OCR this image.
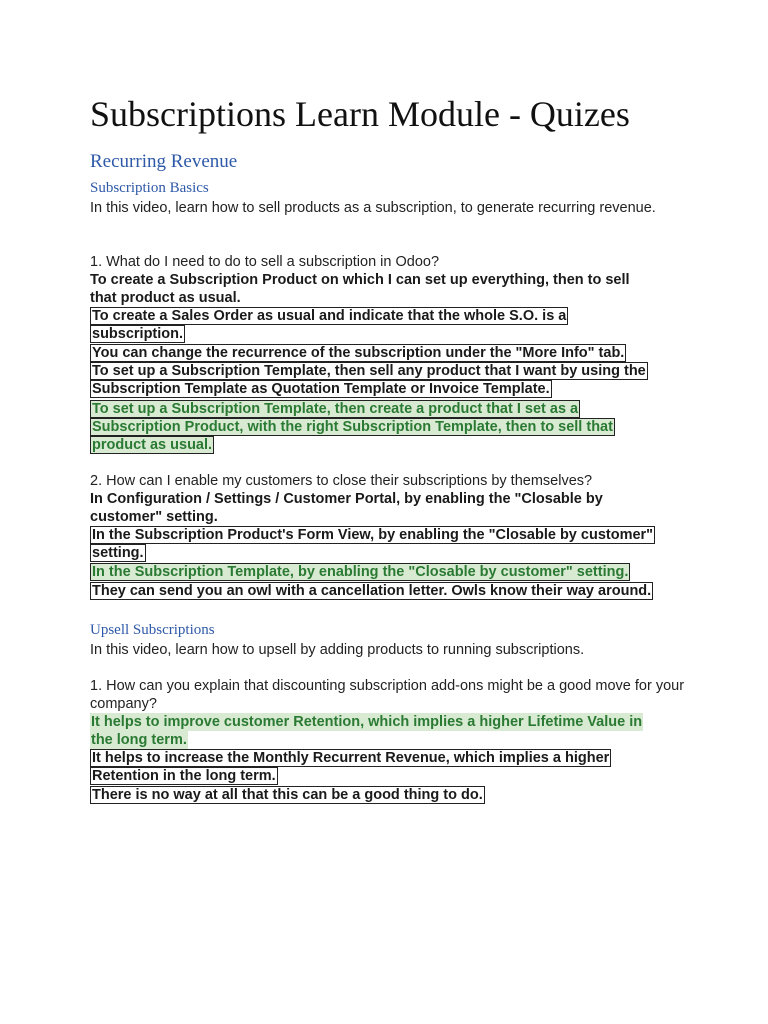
Subscriptions Learn Module - Quizes
Recurring Revenue
Subscription Basics

In this video, learn how to sell products as a subscription, to generate recurring revenue.

1. What do I need to do to sell a subscription in Odoo?

To create a Subscription Product on which I can set up everything, then to sell
that product as usual.
To create a Sales Order as usual and indicate that the whole S.O. is a
subscription.
You can change the recurrence of the subscription under the "More Info" tab.
To set up a Subscription Template, then sell any product that I want by using the
Subscription Template as Quotation Template or Invoice Template.
To set up a Subscription Template, then create a product that I set as a
Subscription Product, with the right Subscription Template, then to sell that
product as usual.

2. How can I enable my customers to close their subscriptions by themselves?

In Configuration / Settings / Customer Portal, by enabling the "Closable by
customer" setting.
In the Subscription Product's Form View, by enabling the "Closable by customer"
setting.
In the Subscription Template, by enabling the "Closable by customer" setting.
They can send you an owl with a cancellation letter. Owls know their way around.
Upsell Subscriptions

In this video, learn how to upsell by adding products to running subscriptions.

1. How can you explain that discounting subscription add-ons might be a good move for your company?

It helps to improve customer Retention, which implies a higher Lifetime Value in
the long term.
It helps to increase the Monthly Recurrent Revenue, which implies a higher
Retention in the long term.
There is no way at all that this can be a good thing to do.
